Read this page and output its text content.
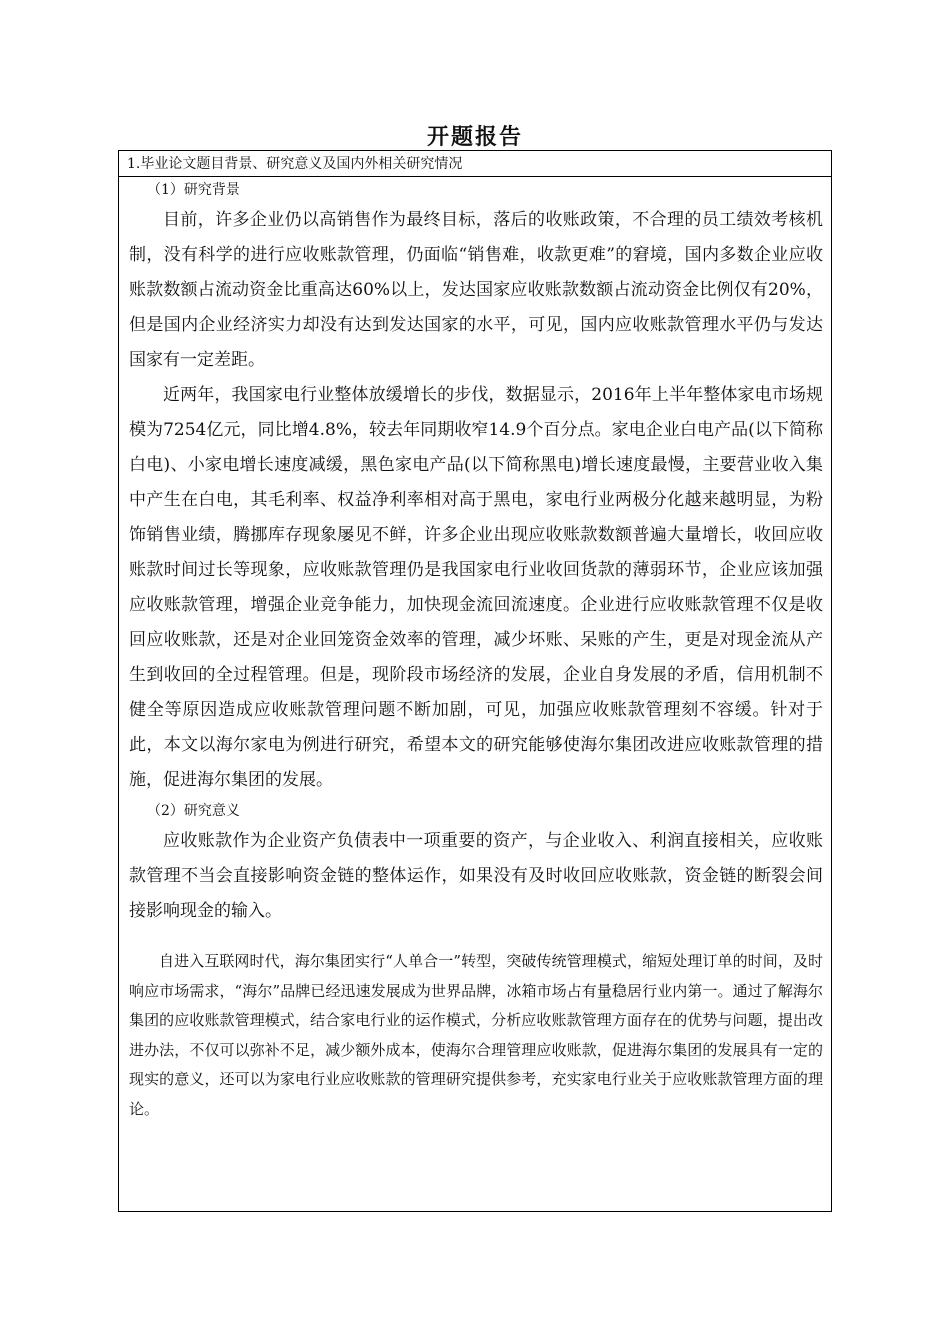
开题报告
1.毕业论文题目背景、研究意义及国内外相关研究情况

（1）研究背景

目前，许多企业仍以高销售作为最终目标，落后的收账政策，不合理的员工绩效考核机制，没有科学的进行应收账款管理，仍面临“销售难，收款更难”的窘境，国内多数企业应收账款数额占流动资金比重高达60%以上，发达国家应收账款数额占流动资金比例仅有20%，但是国内企业经济实力却没有达到发达国家的水平，可见，国内应收账款管理水平仍与发达国家有一定差距。

近两年，我国家电行业整体放缓增长的步伐，数据显示，2016年上半年整体家电市场规模为7254亿元，同比增4.8%，较去年同期收窄14.9个百分点。家电企业白电产品(以下简称白电)、小家电增长速度减缓，黑色家电产品(以下简称黑电)增长速度最慢，主要营业收入集中产生在白电，其毛利率、权益净利率相对高于黑电，家电行业两极分化越来越明显，为粉饰销售业绩，腾挪库存现象屡见不鲜，许多企业出现应收账款数额普遍大量增长，收回应收账款时间过长等现象，应收账款管理仍是我国家电行业收回货款的薄弱环节，企业应该加强应收账款管理，增强企业竞争能力，加快现金流回流速度。企业进行应收账款管理不仅是收回应收账款，还是对企业回笼资金效率的管理，减少坏账、呆账的产生，更是对现金流从产生到收回的全过程管理。但是，现阶段市场经济的发展，企业自身发展的矛盾，信用机制不健全等原因造成应收账款管理问题不断加剧，可见，加强应收账款管理刻不容缓。针对于此，本文以海尔家电为例进行研究，希望本文的研究能够使海尔集团改进应收账款管理的措施，促进海尔集团的发展。

（2）研究意义

应收账款作为企业资产负债表中一项重要的资产，与企业收入、利润直接相关，应收账款管理不当会直接影响资金链的整体运作，如果没有及时收回应收账款，资金链的断裂会间接影响现金的输入。

自进入互联网时代，海尔集团实行“人单合一”转型，突破传统管理模式，缩短处理订单的时间，及时响应市场需求，“海尔”品牌已经迅速发展成为世界品牌，冰箱市场占有量稳居行业内第一。通过了解海尔集团的应收账款管理模式，结合家电行业的运作模式，分析应收账款管理方面存在的优势与问题，提出改进办法，不仅可以弥补不足，减少额外成本，使海尔合理管理应收账款，促进海尔集团的发展具有一定的现实的意义，还可以为家电行业应收账款的管理研究提供参考，充实家电行业关于应收账款管理方面的理论。
